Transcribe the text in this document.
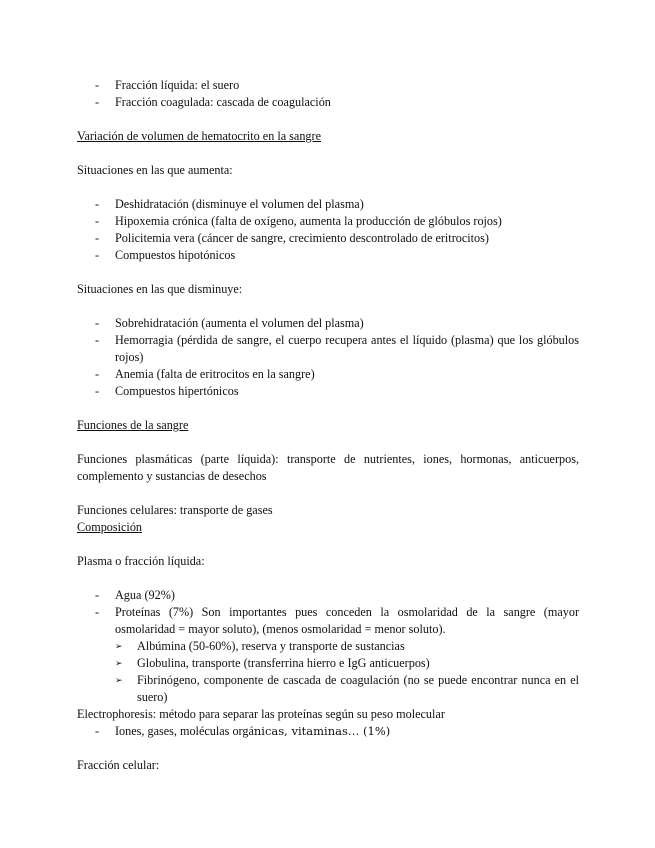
- Fracción líquida: el suero
- Fracción coagulada: cascada de coagulación

Variación de volumen de hematocrito en la sangre

Situaciones en las que aumenta:

- Deshidratación (disminuye el volumen del plasma)
- Hipoxemia crónica (falta de oxígeno, aumenta la producción de glóbulos rojos)
- Policitemia vera (cáncer de sangre, crecimiento descontrolado de eritrocitos)
- Compuestos hipotónicos

Situaciones en las que disminuye:

- Sobrehidratación (aumenta el volumen del plasma)
- Hemorragia (pérdida de sangre, el cuerpo recupera antes el líquido (plasma) que los glóbulos rojos)
- Anemia (falta de eritrocitos en la sangre)
- Compuestos hipertónicos

Funciones de la sangre

Funciones plasmáticas (parte líquida): transporte de nutrientes, iones, hormonas, anticuerpos, complemento y sustancias de desechos

Funciones celulares: transporte de gases

Composición

Plasma o fracción líquida:

- Agua (92%)
- Proteínas (7%) Son importantes pues conceden la osmolaridad de la sangre (mayor osmolaridad = mayor soluto), (menos osmolaridad = menor soluto).
➢ Albúmina (50-60%), reserva y transporte de sustancias
➢ Globulina, transporte (transferrina hierro e IgG anticuerpos)
➢ Fibrinógeno, componente de cascada de coagulación (no se puede encontrar nunca en el suero)

Electrophoresis: método para separar las proteínas según su peso molecular

- Iones, gases, moléculas orgánicas, vitaminas… (1%)

Fracción celular:
